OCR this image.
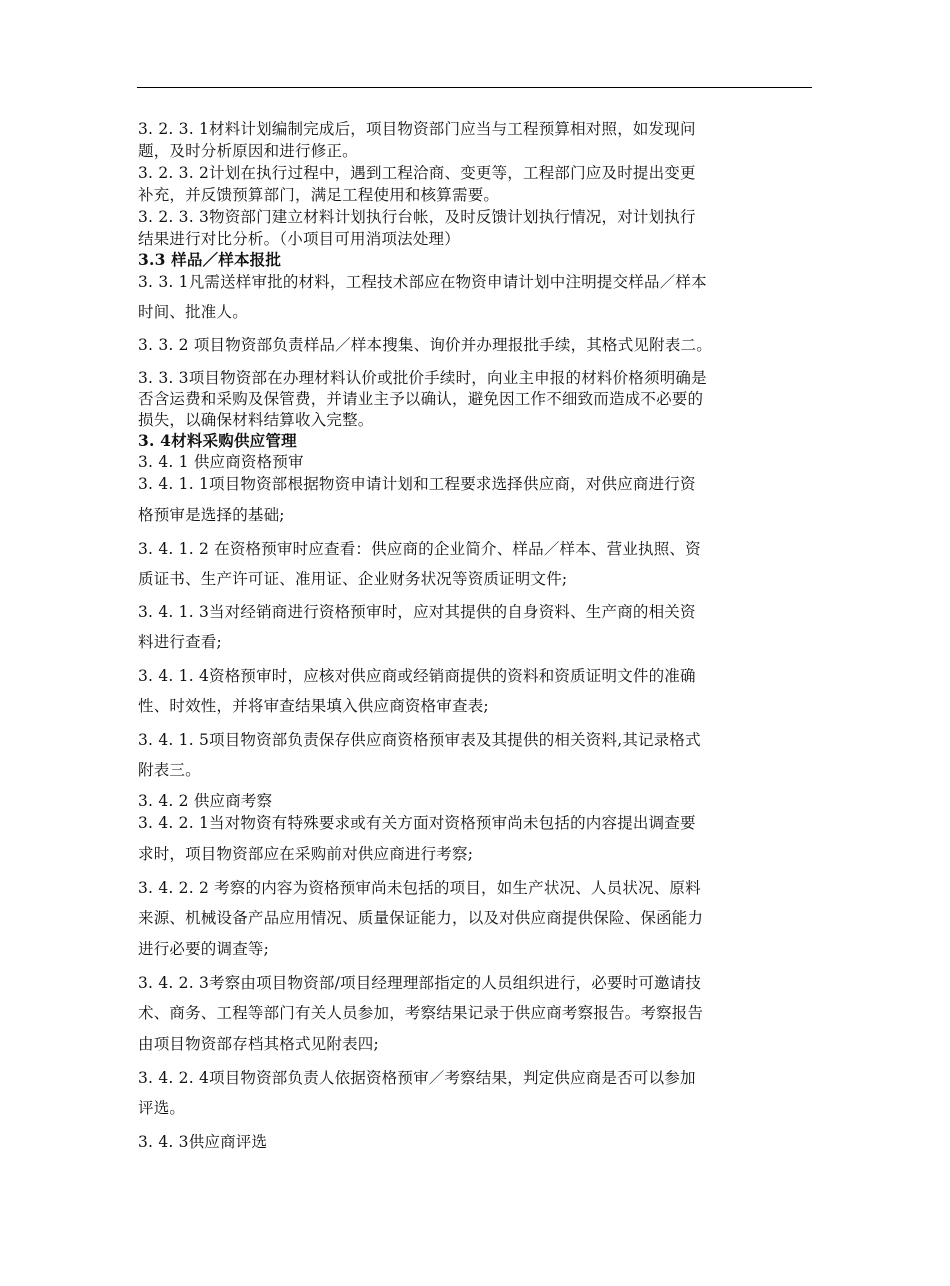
3. 2. 3. 1材料计划编制完成后，项目物资部门应当与工程预算相对照，如发现问
题，及时分析原因和进行修正。
3. 2. 3. 2计划在执行过程中，遇到工程洽商、变更等，工程部门应及时提出变更
补充，并反馈预算部门，满足工程使用和核算需要。
3. 2. 3. 3物资部门建立材料计划执行台帐，及时反馈计划执行情况，对计划执行
结果进行对比分析。（小项目可用消项法处理）
3.3 样品／样本报批
3. 3. 1凡需送样审批的材料，工程技术部应在物资申请计划中注明提交样品／样本
时间、批准人。
3. 3. 2 项目物资部负责样品／样本搜集、询价并办理报批手续，其格式见附表二。
3. 3. 3项目物资部在办理材料认价或批价手续时，向业主申报的材料价格须明确是
否含运费和采购及保管费，并请业主予以确认，避免因工作不细致而造成不必要的
损失，以确保材料结算收入完整。
3. 4材料采购供应管理
3. 4. 1 供应商资格预审
3. 4. 1. 1项目物资部根据物资申请计划和工程要求选择供应商，对供应商进行资
格预审是选择的基础;
3. 4. 1. 2 在资格预审时应查看：供应商的企业简介、样品／样本、营业执照、资
质证书、生产许可证、准用证、企业财务状况等资质证明文件;
3. 4. 1. 3当对经销商进行资格预审时，应对其提供的自身资料、生产商的相关资
料进行查看;
3. 4. 1. 4资格预审时，应核对供应商或经销商提供的资料和资质证明文件的准确
性、时效性，并将审查结果填入供应商资格审查表;
3. 4. 1. 5项目物资部负责保存供应商资格预审表及其提供的相关资料,其记录格式
附表三。
3. 4. 2 供应商考察
3. 4. 2. 1当对物资有特殊要求或有关方面对资格预审尚未包括的内容提出调查要
求时，项目物资部应在采购前对供应商进行考察;
3. 4. 2. 2 考察的内容为资格预审尚未包括的项目，如生产状况、人员状况、原料
来源、机械设备产品应用情况、质量保证能力，以及对供应商提供保险、保函能力
进行必要的调查等;
3. 4. 2. 3考察由项目物资部/项目经理理部指定的人员组织进行，必要时可邀请技
术、商务、工程等部门有关人员参加，考察结果记录于供应商考察报告。考察报告
由项目物资部存档其格式见附表四;
3. 4. 2. 4项目物资部负责人依据资格预审／考察结果，判定供应商是否可以参加
评选。
3. 4. 3供应商评选
